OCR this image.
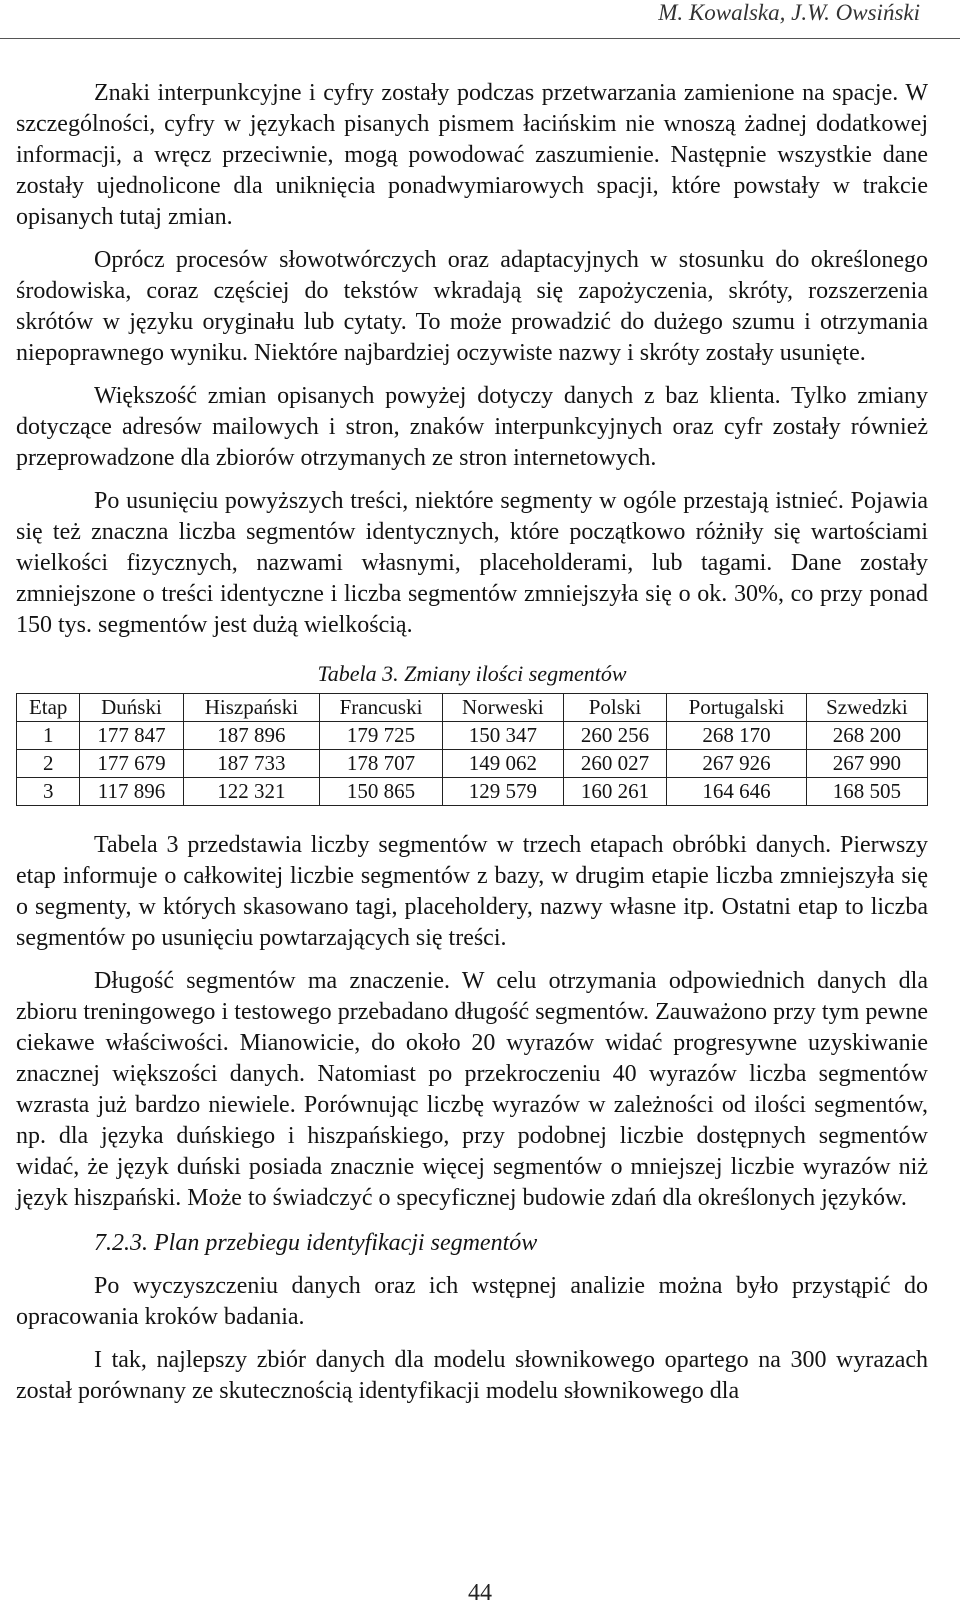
M. Kowalska, J.W. Owsiński

Znaki interpunkcyjne i cyfry zostały podczas przetwarzania zamienione na spacje. W szczególności, cyfry w językach pisanych pismem łacińskim nie wnoszą żadnej dodatkowej informacji, a wręcz przeciwnie, mogą powodować zaszumienie. Następnie wszystkie dane zostały ujednolicone dla uniknięcia ponadwymiarowych spacji, które powstały w trakcie opisanych tutaj zmian.

Oprócz procesów słowotwórczych oraz adaptacyjnych w stosunku do określonego środowiska, coraz częściej do tekstów wkradają się zapożyczenia, skróty, rozszerzenia skrótów w języku oryginału lub cytaty. To może prowadzić do dużego szumu i otrzymania niepoprawnego wyniku. Niektóre najbardziej oczywiste nazwy i skróty zostały usunięte.

Większość zmian opisanych powyżej dotyczy danych z baz klienta. Tylko zmiany dotyczące adresów mailowych i stron, znaków interpunkcyjnych oraz cyfr zostały również przeprowadzone dla zbiorów otrzymanych ze stron internetowych.

Po usunięciu powyższych treści, niektóre segmenty w ogóle przestają istnieć. Pojawia się też znaczna liczba segmentów identycznych, które początkowo różniły się wartościami wielkości fizycznych, nazwami własnymi, placeholderami, lub tagami. Dane zostały zmniejszone o treści identyczne i liczba segmentów zmniejszyła się o ok. 30%, co przy ponad 150 tys. segmentów jest dużą wielkością.

Tabela 3. Zmiany ilości segmentów
Etap	Duński	Hiszpański	Francuski	Norweski	Polski	Portugalski	Szwedzki
1	177 847	187 896	179 725	150 347	260 256	268 170	268 200
2	177 679	187 733	178 707	149 062	260 027	267 926	267 990
3	117 896	122 321	150 865	129 579	160 261	164 646	168 505

Tabela 3 przedstawia liczby segmentów w trzech etapach obróbki danych. Pierwszy etap informuje o całkowitej liczbie segmentów z bazy, w drugim etapie liczba zmniejszyła się o segmenty, w których skasowano tagi, placeholdery, nazwy własne itp. Ostatni etap to liczba segmentów po usunięciu powtarzających się treści.

Długość segmentów ma znaczenie. W celu otrzymania odpowiednich danych dla zbioru treningowego i testowego przebadano długość segmentów. Zauważono przy tym pewne ciekawe właściwości. Mianowicie, do około 20 wyrazów widać progresywne uzyskiwanie znacznej większości danych. Natomiast po przekroczeniu 40 wyrazów liczba segmentów wzrasta już bardzo niewiele. Porównując liczbę wyrazów w zależności od ilości segmentów, np. dla języka duńskiego i hiszpańskiego, przy podobnej liczbie dostępnych segmentów widać, że język duński posiada znacznie więcej segmentów o mniejszej liczbie wyrazów niż język hiszpański. Może to świadczyć o specyficznej budowie zdań dla określonych języków.

7.2.3. Plan przebiegu identyfikacji segmentów

Po wyczyszczeniu danych oraz ich wstępnej analizie można było przystąpić do opracowania kroków badania.

I tak, najlepszy zbiór danych dla modelu słownikowego opartego na 300 wyrazach został porównany ze skutecznością identyfikacji modelu słownikowego dla

44
